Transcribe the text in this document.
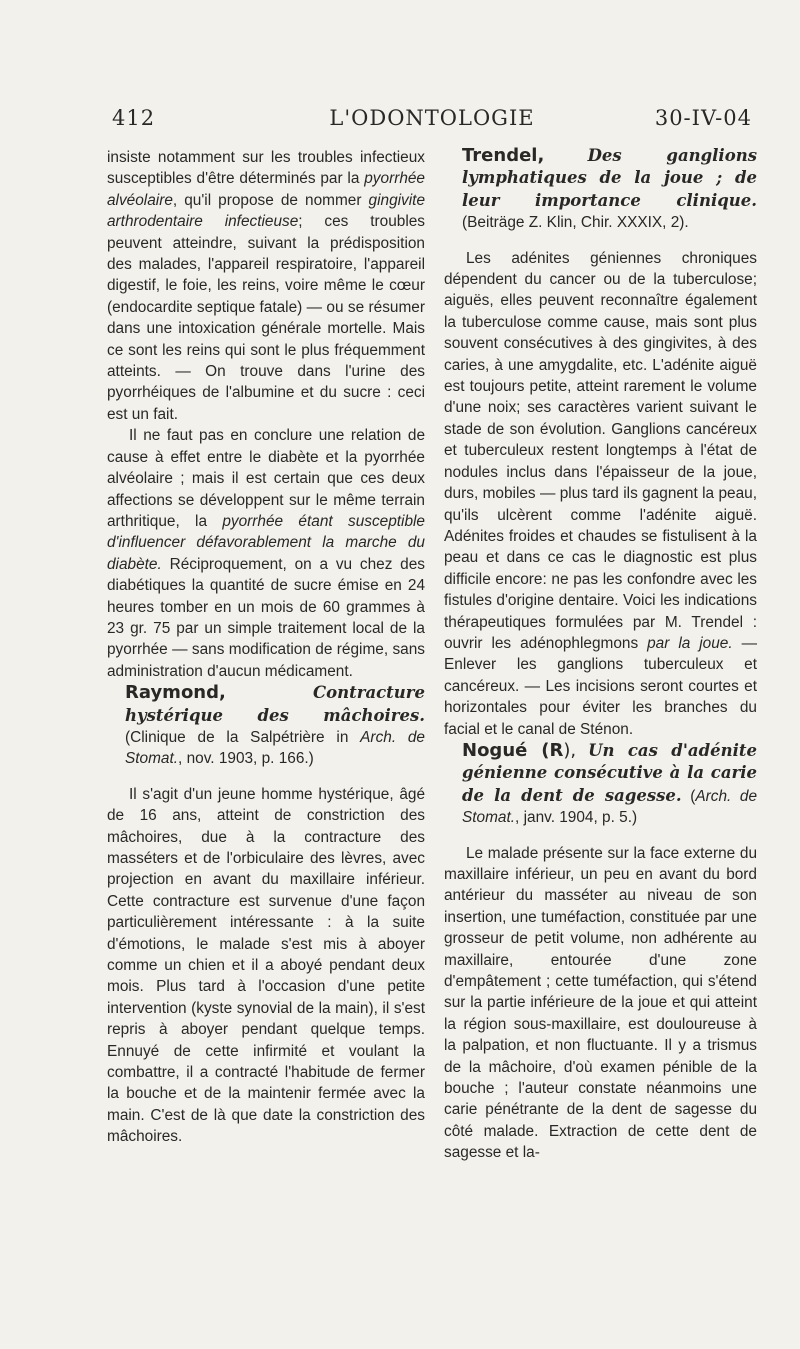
412	L'ODONTOLOGIE	30-IV-04

insiste notamment sur les troubles infectieux susceptibles d'être déterminés par la pyorrhée alvéolaire, qu'il propose de nommer gingivite arthrodentaire infectieuse; ces troubles peuvent atteindre, suivant la prédisposition des malades, l'appareil respiratoire, l'appareil digestif, le foie, les reins, voire même le cœur (endocardite septique fatale) — ou se résumer dans une intoxication générale mortelle. Mais ce sont les reins qui sont le plus fréquemment atteints. — On trouve dans l'urine des pyorrhéiques de l'albumine et du sucre : ceci est un fait.

Il ne faut pas en conclure une relation de cause à effet entre le diabète et la pyorrhée alvéolaire ; mais il est certain que ces deux affections se développent sur le même terrain arthritique, la pyorrhée étant susceptible d'influencer défavorablement la marche du diabète. Réciproquement, on a vu chez des diabétiques la quantité de sucre émise en 24 heures tomber en un mois de 60 grammes à 23 gr. 75 par un simple traitement local de la pyorrhée — sans modification de régime, sans administration d'aucun médicament.

Raymond,	Contracture hystérique des mâchoires. (Clinique de la Salpétrière in Arch. de Stomat., nov. 1903, p. 166.)

Il s'agit d'un jeune homme hystérique, âgé de 16 ans, atteint de constriction des mâchoires, due à la contracture des masséters et de l'orbiculaire des lèvres, avec projection en avant du maxillaire inférieur. Cette contracture est survenue d'une façon particulièrement intéressante : à la suite d'émotions, le malade s'est mis à aboyer comme un chien et il a aboyé pendant deux mois. Plus tard à l'occasion d'une petite intervention (kyste synovial de la main), il s'est repris à aboyer pendant quelque temps. Ennuyé de cette infirmité et voulant la combattre, il a contracté l'habitude de fermer la bouche et de la maintenir fermée avec la main. C'est de là que date la constriction des mâchoires.

Trendel,	Des ganglions lymphatiques de la joue ; de leur importance clinique. (Beiträge Z. Klin, Chir. XXXIX, 2).

Les adénites géniennes chroniques dépendent du cancer ou de la tuberculose; aiguës, elles peuvent reconnaître également la tuberculose comme cause, mais sont plus souvent consécutives à des gingivites, à des caries, à une amygdalite, etc. L'adénite aiguë est toujours petite, atteint rarement le volume d'une noix; ses caractères varient suivant le stade de son évolution. Ganglions cancéreux et tuberculeux restent longtemps à l'état de nodules inclus dans l'épaisseur de la joue, durs, mobiles — plus tard ils gagnent la peau, qu'ils ulcèrent comme l'adénite aiguë. Adénites froides et chaudes se fistulisent à la peau et dans ce cas le diagnostic est plus difficile encore: ne pas les confondre avec les fistules d'origine dentaire. Voici les indications thérapeutiques formulées par M. Trendel : ouvrir les adénophlegmons par la joue. — Enlever les ganglions tuberculeux et cancéreux. — Les incisions seront courtes et horizontales pour éviter les branches du facial et le canal de Sténon.

Nogué (R), Un cas d'adénite génienne consécutive à la carie de la dent de sagesse. (Arch. de Stomat., janv. 1904, p. 5.)

Le malade présente sur la face externe du maxillaire inférieur, un peu en avant du bord antérieur du masséter au niveau de son insertion, une tuméfaction, constituée par une grosseur de petit volume, non adhérente au maxillaire, entourée d'une zone d'empâtement ; cette tuméfaction, qui s'étend sur la partie inférieure de la joue et qui atteint la région sous-maxillaire, est douloureuse à la palpation, et non fluctuante. Il y a trismus de la mâchoire, d'où examen pénible de la bouche ; l'auteur constate néanmoins une carie pénétrante de la dent de sagesse du côté malade. Extraction de cette dent de sagesse et la-
